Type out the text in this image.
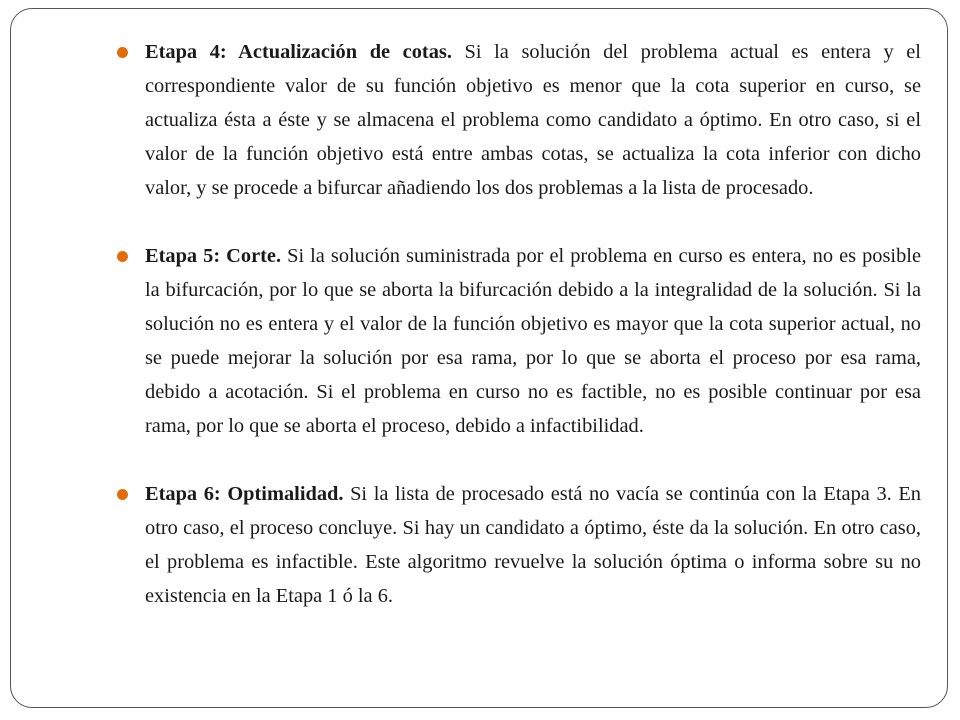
Etapa 4: Actualización de cotas. Si la solución del problema actual es entera y el correspondiente valor de su función objetivo es menor que la cota superior en curso, se actualiza ésta a éste y se almacena el problema como candidato a óptimo. En otro caso, si el valor de la función objetivo está entre ambas cotas, se actualiza la cota inferior con dicho valor, y se procede a bifurcar añadiendo los dos problemas a la lista de procesado.
Etapa 5: Corte. Si la solución suministrada por el problema en curso es entera, no es posible la bifurcación, por lo que se aborta la bifurcación debido a la integralidad de la solución. Si la solución no es entera y el valor de la función objetivo es mayor que la cota superior actual, no se puede mejorar la solución por esa rama, por lo que se aborta el proceso por esa rama, debido a acotación. Si el problema en curso no es factible, no es posible continuar por esa rama, por lo que se aborta el proceso, debido a infactibilidad.
Etapa 6: Optimalidad. Si la lista de procesado está no vacía se continúa con la Etapa 3. En otro caso, el proceso concluye. Si hay un candidato a óptimo, éste da la solución. En otro caso, el problema es infactible. Este algoritmo revuelve la solución óptima o informa sobre su no existencia en la Etapa 1 ó la 6.
